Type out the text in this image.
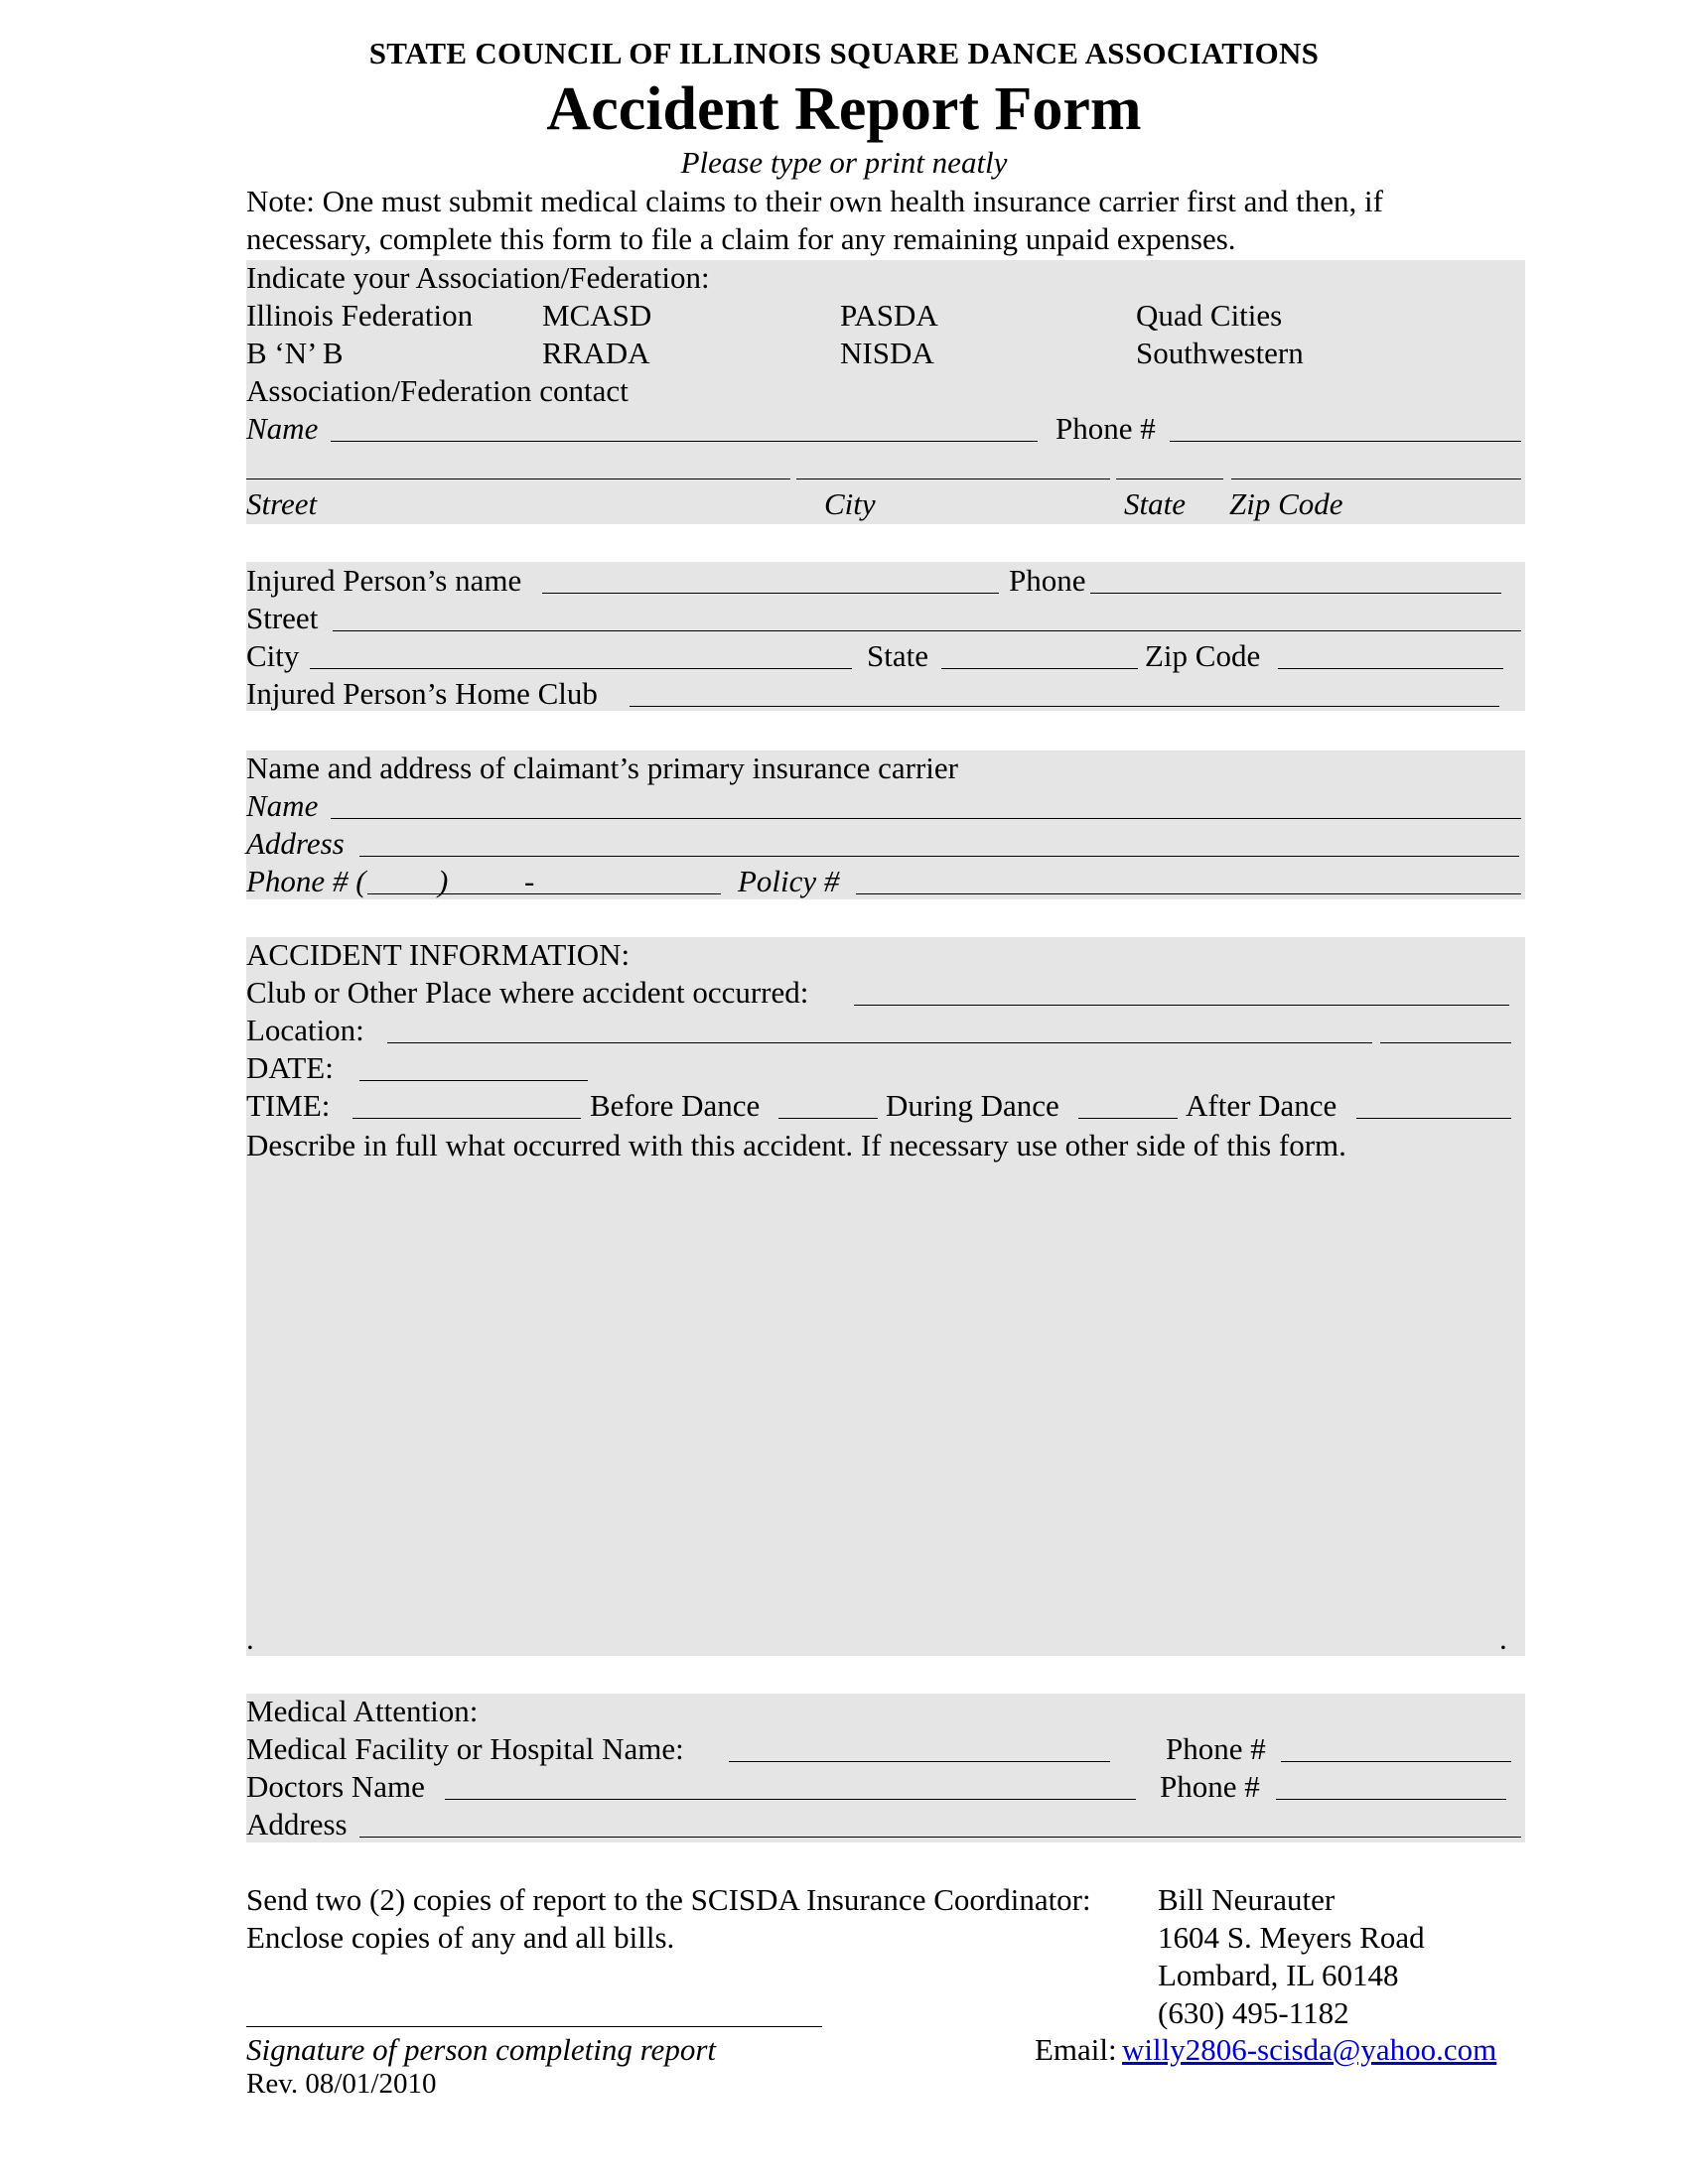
STATE COUNCIL OF ILLINOIS SQUARE DANCE ASSOCIATIONS
Accident Report Form
Please type or print neatly
Note: One must submit medical claims to their own health insurance carrier first and then, if
necessary, complete this form to file a claim for any remaining unpaid expenses.
Indicate your Association/Federation:
Illinois Federation MCASD	PASDA	Quad Cities
B ‘N’ B	RRADA	NISDA	Southwestern
Association/Federation contact
Name	Phone #
Street	City	State Zip Code
Injured Person’s name	Phone
Street
City	State	Zip Code
Injured Person’s Home Club
Name and address of claimant’s primary insurance carrier
Name
Address
Phone # ( ) -	Policy #
ACCIDENT INFORMATION:
Club or Other Place where accident occurred:
Location:
DATE:
TIME:	Before Dance	During Dance	After Dance
Describe in full what occurred with this accident. If necessary use other side of this form.
.	.
Medical Attention:
Medical Facility or Hospital Name:	Phone #
Doctors Name	Phone #
Address
Send two (2) copies of report to the SCISDA Insurance Coordinator: Bill Neurauter
Enclose copies of any and all bills.	1604 S. Meyers Road
Lombard, IL 60148
(630) 495-1182
Signature of person completing report	Email: willy2806-scisda@yahoo.com
Rev. 08/01/2010
